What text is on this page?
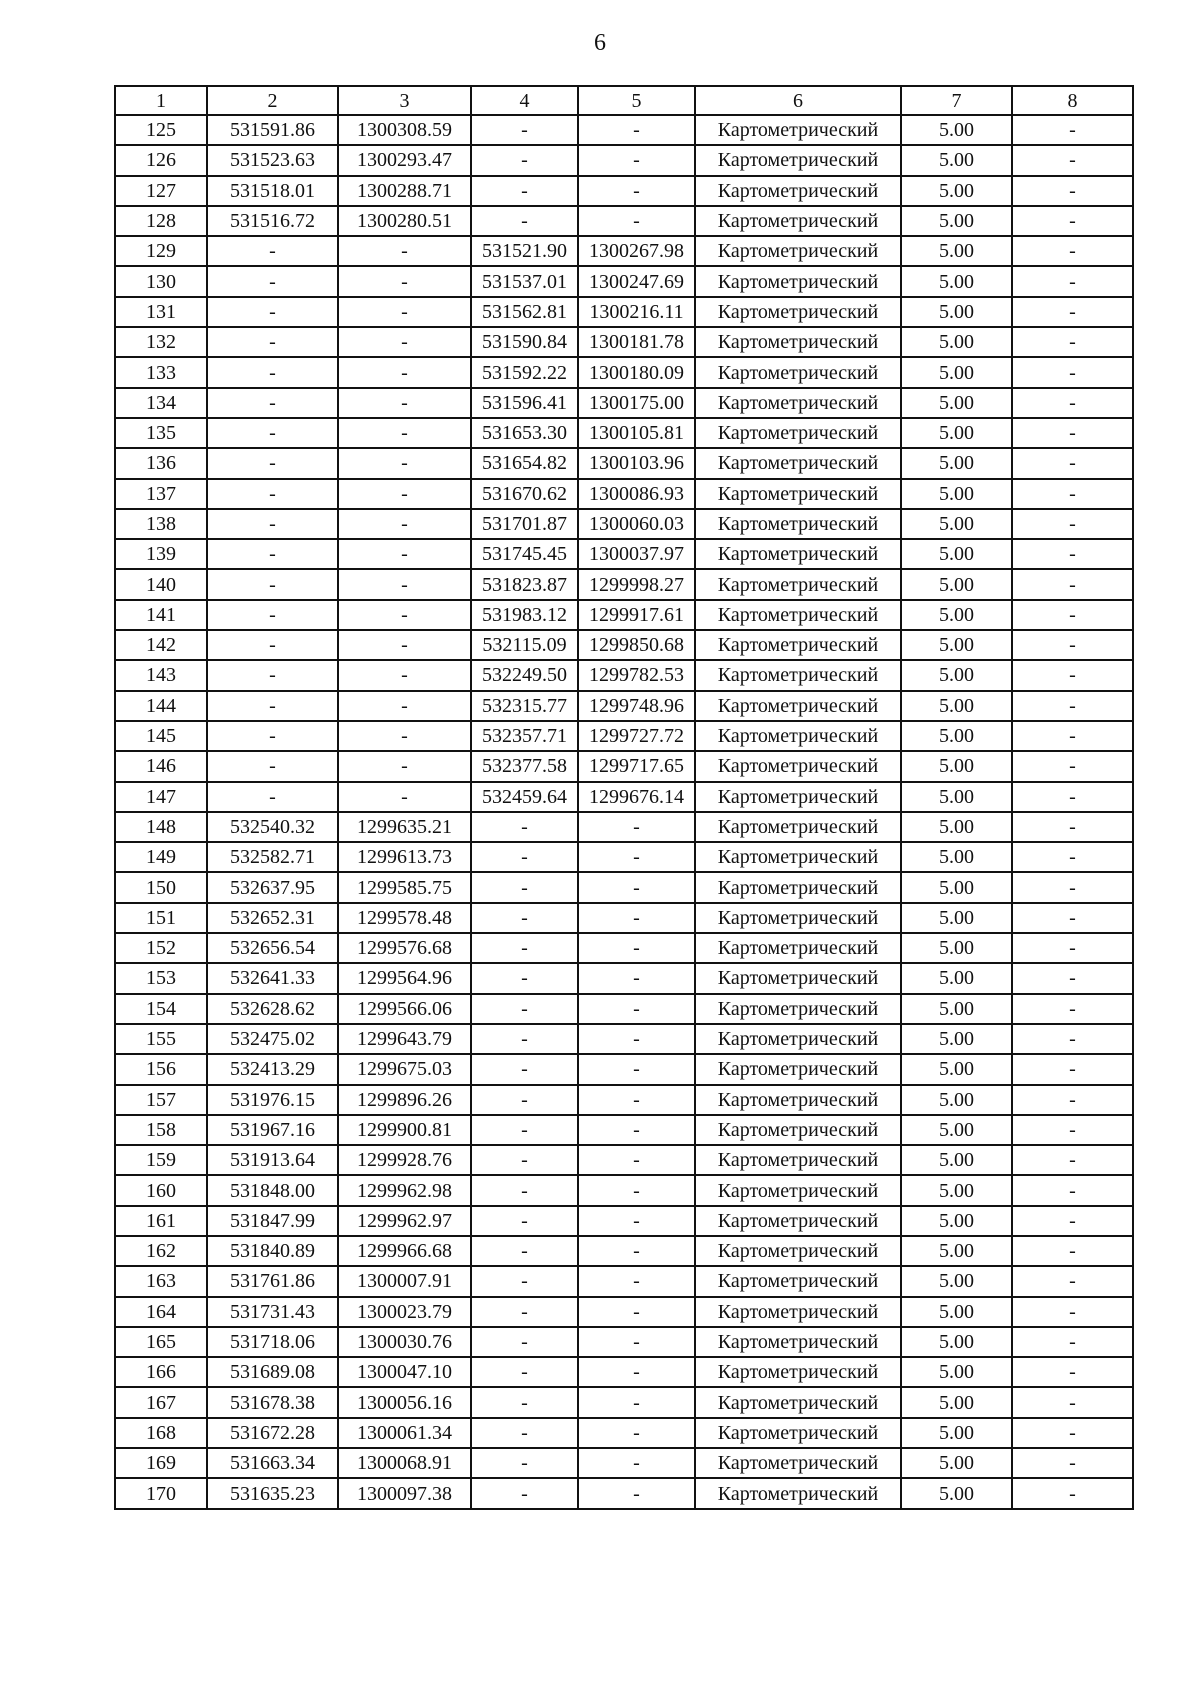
6
1	2	3	4	5	6	7	8
125	531591.86	1300308.59	-	-	Картометрический	5.00	-
126	531523.63	1300293.47	-	-	Картометрический	5.00	-
127	531518.01	1300288.71	-	-	Картометрический	5.00	-
128	531516.72	1300280.51	-	-	Картометрический	5.00	-
129	-	-	531521.90	1300267.98	Картометрический	5.00	-
130	-	-	531537.01	1300247.69	Картометрический	5.00	-
131	-	-	531562.81	1300216.11	Картометрический	5.00	-
132	-	-	531590.84	1300181.78	Картометрический	5.00	-
133	-	-	531592.22	1300180.09	Картометрический	5.00	-
134	-	-	531596.41	1300175.00	Картометрический	5.00	-
135	-	-	531653.30	1300105.81	Картометрический	5.00	-
136	-	-	531654.82	1300103.96	Картометрический	5.00	-
137	-	-	531670.62	1300086.93	Картометрический	5.00	-
138	-	-	531701.87	1300060.03	Картометрический	5.00	-
139	-	-	531745.45	1300037.97	Картометрический	5.00	-
140	-	-	531823.87	1299998.27	Картометрический	5.00	-
141	-	-	531983.12	1299917.61	Картометрический	5.00	-
142	-	-	532115.09	1299850.68	Картометрический	5.00	-
143	-	-	532249.50	1299782.53	Картометрический	5.00	-
144	-	-	532315.77	1299748.96	Картометрический	5.00	-
145	-	-	532357.71	1299727.72	Картометрический	5.00	-
146	-	-	532377.58	1299717.65	Картометрический	5.00	-
147	-	-	532459.64	1299676.14	Картометрический	5.00	-
148	532540.32	1299635.21	-	-	Картометрический	5.00	-
149	532582.71	1299613.73	-	-	Картометрический	5.00	-
150	532637.95	1299585.75	-	-	Картометрический	5.00	-
151	532652.31	1299578.48	-	-	Картометрический	5.00	-
152	532656.54	1299576.68	-	-	Картометрический	5.00	-
153	532641.33	1299564.96	-	-	Картометрический	5.00	-
154	532628.62	1299566.06	-	-	Картометрический	5.00	-
155	532475.02	1299643.79	-	-	Картометрический	5.00	-
156	532413.29	1299675.03	-	-	Картометрический	5.00	-
157	531976.15	1299896.26	-	-	Картометрический	5.00	-
158	531967.16	1299900.81	-	-	Картометрический	5.00	-
159	531913.64	1299928.76	-	-	Картометрический	5.00	-
160	531848.00	1299962.98	-	-	Картометрический	5.00	-
161	531847.99	1299962.97	-	-	Картометрический	5.00	-
162	531840.89	1299966.68	-	-	Картометрический	5.00	-
163	531761.86	1300007.91	-	-	Картометрический	5.00	-
164	531731.43	1300023.79	-	-	Картометрический	5.00	-
165	531718.06	1300030.76	-	-	Картометрический	5.00	-
166	531689.08	1300047.10	-	-	Картометрический	5.00	-
167	531678.38	1300056.16	-	-	Картометрический	5.00	-
168	531672.28	1300061.34	-	-	Картометрический	5.00	-
169	531663.34	1300068.91	-	-	Картометрический	5.00	-
170	531635.23	1300097.38	-	-	Картометрический	5.00	-
